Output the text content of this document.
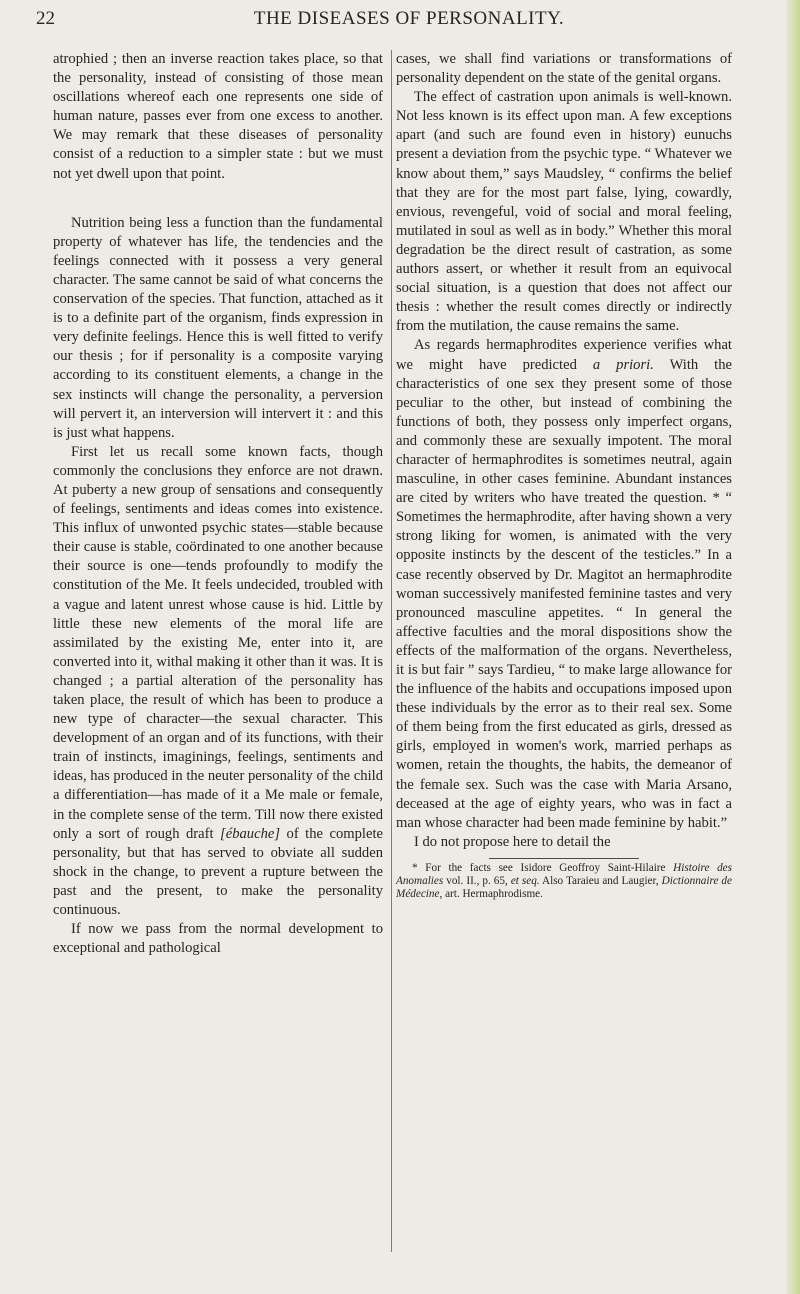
22	THE DISEASES OF PERSONALITY.

atrophied ; then an inverse reaction takes place, so that the personality, instead of consisting of those mean oscillations whereof each one represents one side of human nature, passes ever from one excess to another. We may remark that these diseases of personality consist of a reduction to a simpler state : but we must not yet dwell upon that point.

Nutrition being less a function than the fundamental property of whatever has life, the tendencies and the feelings connected with it possess a very general character. The same cannot be said of what concerns the conservation of the species. That function, attached as it is to a definite part of the organism, finds expression in very definite feelings. Hence this is well fitted to verify our thesis ; for if personality is a composite varying according to its constituent elements, a change in the sex instincts will change the personality, a perversion will pervert it, an interversion will intervert it : and this is just what happens.

First let us recall some known facts, though commonly the conclusions they enforce are not drawn. At puberty a new group of sensations and consequently of feelings, sentiments and ideas comes into existence. This influx of unwonted psychic states—stable because their cause is stable, coördinated to one another because their source is one—tends profoundly to modify the constitution of the Me. It feels undecided, troubled with a vague and latent unrest whose cause is hid. Little by little these new elements of the moral life are assimilated by the existing Me, enter into it, are converted into it, withal making it other than it was. It is changed ; a partial alteration of the personality has taken place, the result of which has been to produce a new type of character—the sexual character. This development of an organ and of its functions, with their train of instincts, imaginings, feelings, sentiments and ideas, has produced in the neuter personality of the child a differentiation—has made of it a Me male or female, in the complete sense of the term. Till now there existed only a sort of rough draft [ébauche] of the complete personality, but that has served to obviate all sudden shock in the change, to prevent a rupture between the past and the present, to make the personality continuous.

If now we pass from the normal development to exceptional and pathological

cases, we shall find variations or transformations of personality dependent on the state of the genital organs.

The effect of castration upon animals is well-known. Not less known is its effect upon man. A few exceptions apart (and such are found even in history) eunuchs present a deviation from the psychic type. “ Whatever we know about them,” says Maudsley, “ confirms the belief that they are for the most part false, lying, cowardly, envious, revengeful, void of social and moral feeling, mutilated in soul as well as in body.” Whether this moral degradation be the direct result of castration, as some authors assert, or whether it result from an equivocal social situation, is a question that does not affect our thesis : whether the result comes directly or indirectly from the mutilation, the cause remains the same.

As regards hermaphrodites experience verifies what we might have predicted a priori. With the characteristics of one sex they present some of those peculiar to the other, but instead of combining the functions of both, they possess only imperfect organs, and commonly these are sexually impotent. The moral character of hermaphrodites is sometimes neutral, again masculine, in other cases feminine. Abundant instances are cited by writers who have treated the question. * “ Sometimes the hermaphrodite, after having shown a very strong liking for women, is animated with the very opposite instincts by the descent of the testicles.” In a case recently observed by Dr. Magitot an hermaphrodite woman successively manifested feminine tastes and very pronounced masculine appetites. “ In general the affective faculties and the moral dispositions show the effects of the malformation of the organs. Nevertheless, it is but fair ” says Tardieu, “ to make large allowance for the influence of the habits and occupations imposed upon these individuals by the error as to their real sex. Some of them being from the first educated as girls, dressed as girls, employed in women's work, married perhaps as women, retain the thoughts, the habits, the demeanor of the female sex. Such was the case with Maria Arsano, deceased at the age of eighty years, who was in fact a man whose character had been made feminine by habit.”

I do not propose here to detail the

* For the facts see Isidore Geoffroy Saint-Hilaire Histoire des Anomalies vol. II., p. 65, et seq. Also Taraieu and Laugier, Dictionnaire de Médecine, art. Hermaphrodisme.
